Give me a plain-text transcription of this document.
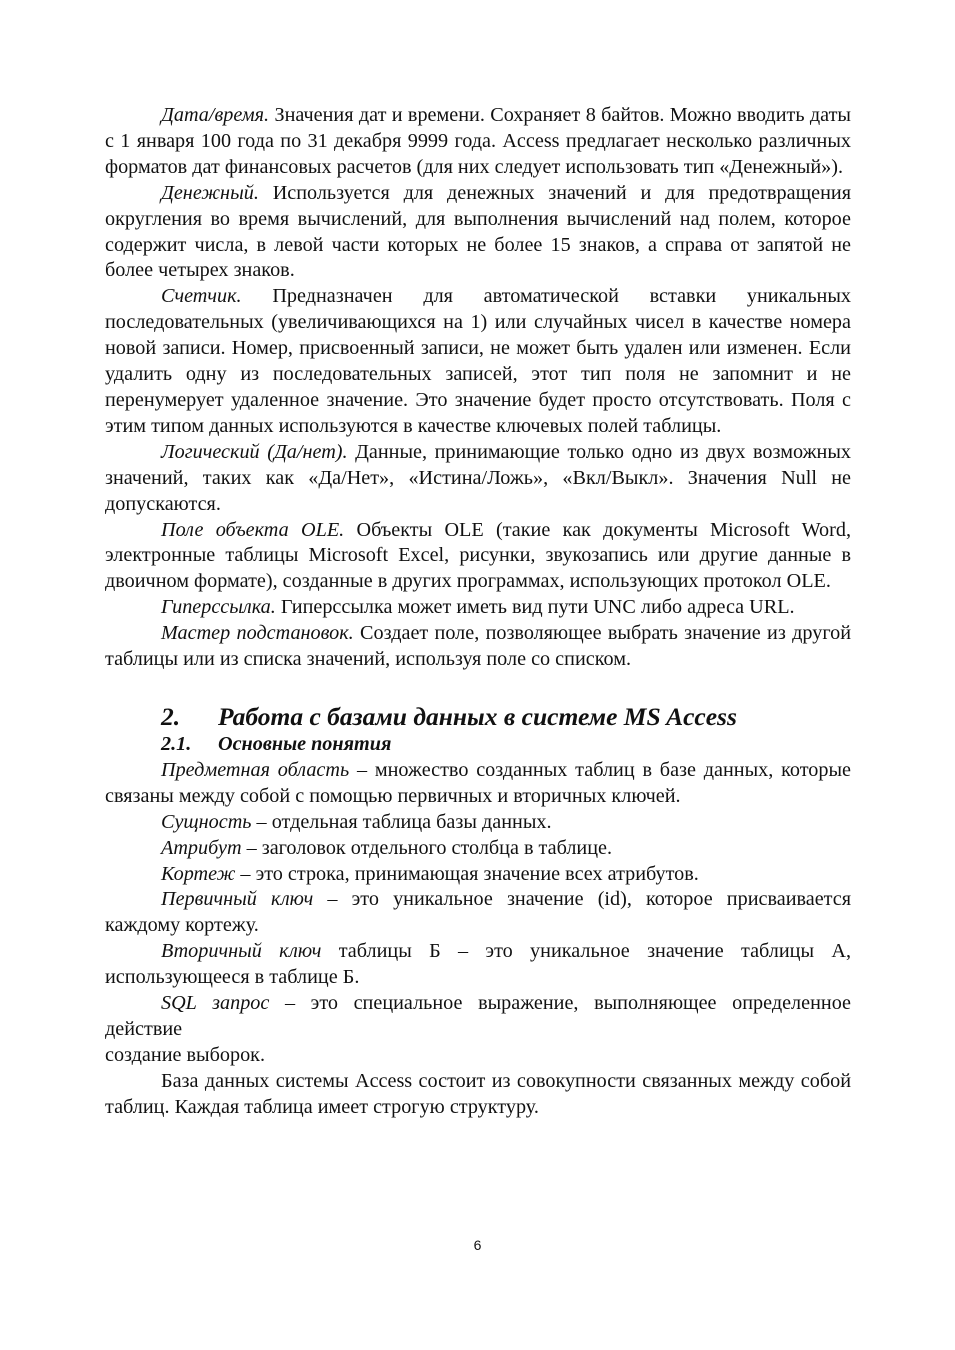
Дата/время. Значения дат и времени. Сохраняет 8 байтов. Можно вводить даты с 1 января 100 года по 31 декабря 9999 года. Access предлагает несколько различных форматов дат финансовых расчетов (для них следует использовать тип «Денежный»).

Денежный. Используется для денежных значений и для предотвращения округления во время вычислений, для выполнения вычислений над полем, которое содержит числа, в левой части которых не более 15 знаков, а справа от запятой не более четырех знаков.

Счетчик. Предназначен для автоматической вставки уникальных последовательных (увеличивающихся на 1) или случайных чисел в качестве номера новой записи. Номер, присвоенный записи, не может быть удален или изменен. Если удалить одну из последовательных записей, этот тип поля не запомнит и не перенумерует удаленное значение. Это значение будет просто отсутствовать. Поля с этим типом данных используются в качестве ключевых полей таблицы.

Логический (Да/нет). Данные, принимающие только одно из двух возможных значений, таких как «Да/Нет», «Истина/Ложь», «Вкл/Выкл». Значения Null не допускаются.

Поле объекта OLE. Объекты OLE (такие как документы Microsoft Word, электронные таблицы Microsoft Excel, рисунки, звукозапись или другие данные в двоичном формате), созданные в других программах, использующих протокол OLE.

Гиперссылка. Гиперссылка может иметь вид пути UNC либо адреса URL.

Мастер подстановок. Создает поле, позволяющее выбрать значение из другой таблицы или из списка значений, используя поле со списком.

2. Работа с базами данных в системе MS Access
2.1. Основные понятия

Предметная область – множество созданных таблиц в базе данных, которые связаны между собой с помощью первичных и вторичных ключей.

Сущность – отдельная таблица базы данных.

Атрибут – заголовок отдельного столбца в таблице.

Кортеж – это строка, принимающая значение всех атрибутов.

Первичный ключ – это уникальное значение (id), которое присваивается каждому кортежу.

Вторичный ключ таблицы Б – это уникальное значение таблицы А, использующееся в таблице Б.

SQL запрос – это специальное выражение, выполняющее определенное действие

создание выборок.

База данных системы Access состоит из совокупности связанных между собой таблиц. Каждая таблица имеет строгую структуру.

6
